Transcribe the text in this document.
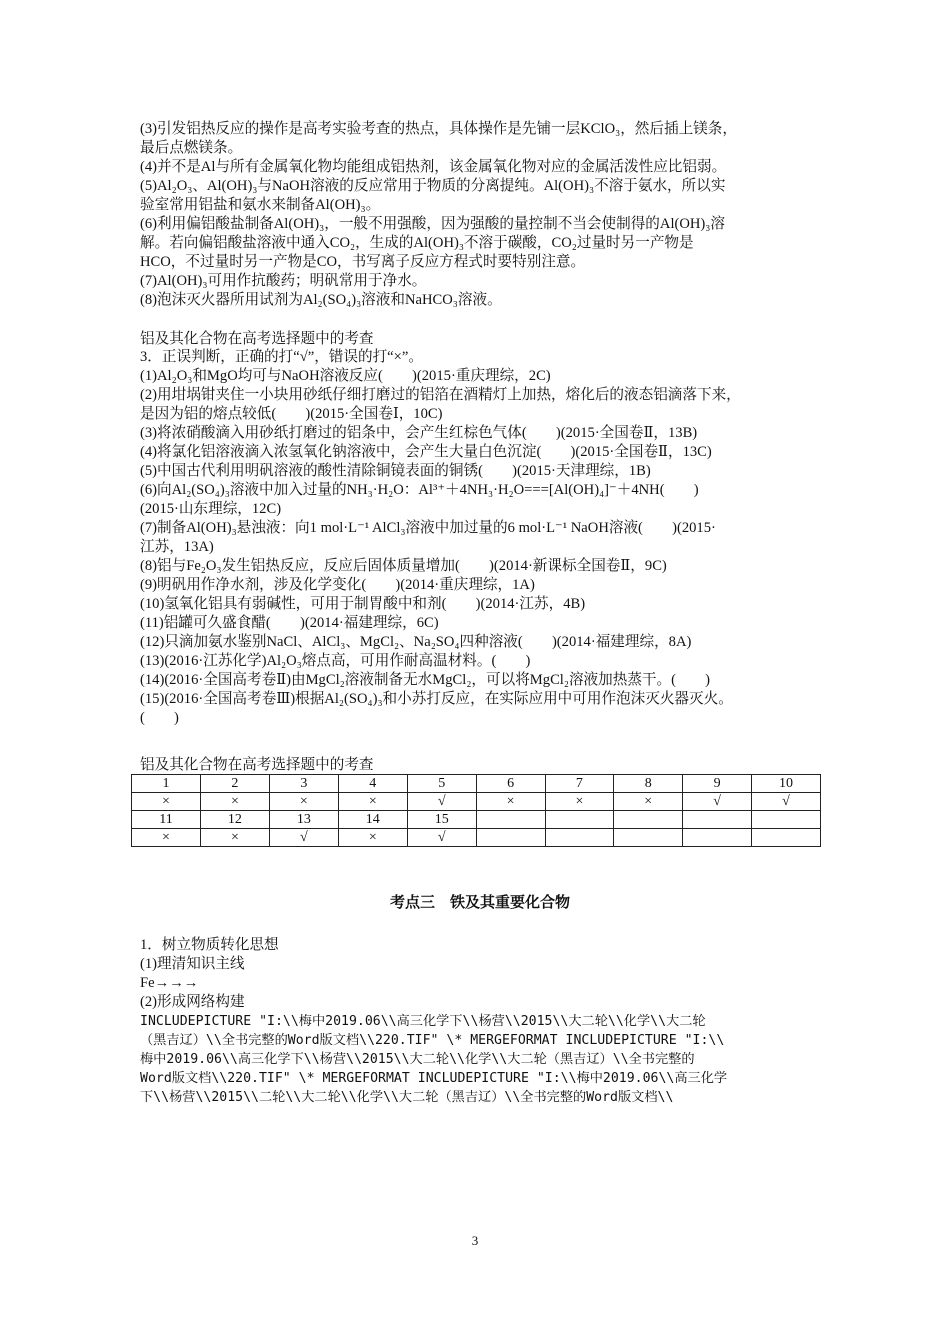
(3)引发铝热反应的操作是高考实验考查的热点，具体操作是先铺一层KClO₃，然后插上镁条，
最后点燃镁条。
(4)并不是Al与所有金属氧化物均能组成铝热剂，该金属氧化物对应的金属活泼性应比铝弱。
(5)Al₂O₃、Al(OH)₃与NaOH溶液的反应常用于物质的分离提纯。Al(OH)₃不溶于氨水，所以实
验室常用铝盐和氨水来制备Al(OH)₃。
(6)利用偏铝酸盐制备Al(OH)₃，一般不用强酸，因为强酸的量控制不当会使制得的Al(OH)₃溶
解。若向偏铝酸盐溶液中通入CO₂，生成的Al(OH)₃不溶于碳酸，CO₂过量时另一产物是
HCO，不过量时另一产物是CO，书写离子反应方程式时要特别注意。
(7)Al(OH)₃可用作抗酸药；明矾常用于净水。
(8)泡沫灭火器所用试剂为Al₂(SO₄)₃溶液和NaHCO₃溶液。
铝及其化合物在高考选择题中的考查
3．正误判断，正确的打“√”，错误的打“×”。
(1)Al₂O₃和MgO均可与NaOH溶液反应(　　)(2015·重庆理综，2C)
(2)用坩埚钳夹住一小块用砂纸仔细打磨过的铝箔在酒精灯上加热，熔化后的液态铝滴落下来，
是因为铝的熔点较低(　　)(2015·全国卷Ⅰ，10C)
(3)将浓硝酸滴入用砂纸打磨过的铝条中，会产生红棕色气体(　　)(2015·全国卷Ⅱ，13B)
(4)将氯化铝溶液滴入浓氢氧化钠溶液中，会产生大量白色沉淀(　　)(2015·全国卷Ⅱ，13C)
(5)中国古代利用明矾溶液的酸性清除铜镜表面的铜锈(　　)(2015·天津理综，1B)
(6)向Al₂(SO₄)₃溶液中加入过量的NH₃·H₂O：Al³⁺＋4NH₃·H₂O===[Al(OH)₄]⁻＋4NH(　　)
(2015·山东理综，12C)
(7)制备Al(OH)₃悬浊液：向1 mol·L⁻¹ AlCl₃溶液中加过量的6 mol·L⁻¹ NaOH溶液(　　)(2015·
江苏，13A)
(8)铝与Fe₂O₃发生铝热反应，反应后固体质量增加(　　)(2014·新课标全国卷Ⅱ，9C)
(9)明矾用作净水剂，涉及化学变化(　　)(2014·重庆理综，1A)
(10)氢氧化铝具有弱碱性，可用于制胃酸中和剂(　　)(2014·江苏，4B)
(11)铝罐可久盛食醋(　　)(2014·福建理综，6C)
(12)只滴加氨水鉴别NaCl、AlCl₃、MgCl₂、Na₂SO₄四种溶液(　　)(2014·福建理综，8A)
(13)(2016·江苏化学)Al₂O₃熔点高，可用作耐高温材料。(　　)
(14)(2016·全国高考卷Ⅱ)由MgCl₂溶液制备无水MgCl₂，可以将MgCl₂溶液加热蒸干。(　　)
(15)(2016·全国高考卷Ⅲ)根据Al₂(SO₄)₃和小苏打反应，在实际应用中可用作泡沫灭火器灭火。
(　　)
铝及其化合物在高考选择题中的考查
1	2	3	4	5	6	7	8	9	10
×	×	×	×	√	×	×	×	√	√
11	12	13	14	15					
×	×	√	×	√					
考点三　铁及其重要化合物
1．树立物质转化思想
(1)理清知识主线
Fe→→→
(2)形成网络构建
INCLUDEPICTURE "I:\\梅中2019.06\\高三化学下\\杨营\\2015\\大二轮\\化学\\大二轮
（黑吉辽）\\全书完整的Word版文档\\220.TIF" \* MERGEFORMAT INCLUDEPICTURE "I:\\
梅中2019.06\\高三化学下\\杨营\\2015\\大二轮\\化学\\大二轮（黑吉辽）\\全书完整的
Word版文档\\220.TIF" \* MERGEFORMAT INCLUDEPICTURE "I:\\梅中2019.06\\高三化学
下\\杨营\\2015\\二轮\\大二轮\\化学\\大二轮（黑吉辽）\\全书完整的Word版文档\\
3
